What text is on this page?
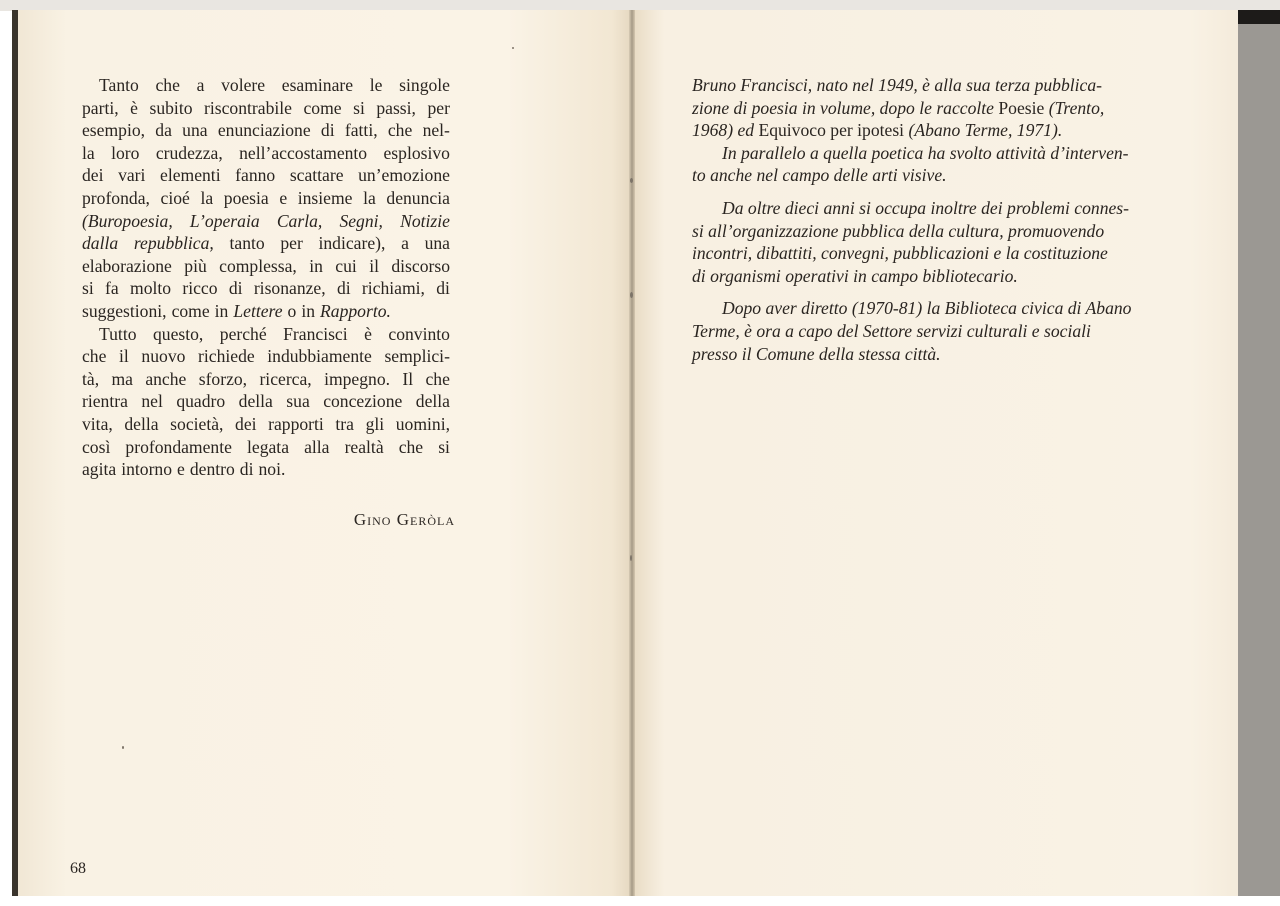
Tanto che a volere esaminare le singole
parti, è subito riscontrabile come si passi, per
esempio, da una enunciazione di fatti, che nel-
la loro crudezza, nell’accostamento esplosivo
dei vari elementi fanno scattare un’emozione
profonda, cioé la poesia e insieme la denuncia
(Buropoesia, L’operaia Carla, Segni, Notizie
dalla repubblica, tanto per indicare), a una
elaborazione più complessa, in cui il discorso
si fa molto ricco di risonanze, di richiami, di
suggestioni, come in Lettere o in Rapporto.
Tutto questo, perché Francisci è convinto
che il nuovo richiede indubbiamente semplici-
tà, ma anche sforzo, ricerca, impegno. Il che
rientra nel quadro della sua concezione della
vita, della società, dei rapporti tra gli uomini,
così profondamente legata alla realtà che si
agita intorno e dentro di noi.
Gino Geròla
68
Bruno Francisci, nato nel 1949, è alla sua terza pubblica-
zione di poesia in volume, dopo le raccolte Poesie (Trento,
1968) ed Equivoco per ipotesi (Abano Terme, 1971).
In parallelo a quella poetica ha svolto attività d’interven-
to anche nel campo delle arti visive.
Da oltre dieci anni si occupa inoltre dei problemi connes-
si all’organizzazione pubblica della cultura, promuovendo
incontri, dibattiti, convegni, pubblicazioni e la costituzione
di organismi operativi in campo bibliotecario.
Dopo aver diretto (1970-81) la Biblioteca civica di Abano
Terme, è ora a capo del Settore servizi culturali e sociali
presso il Comune della stessa città.
